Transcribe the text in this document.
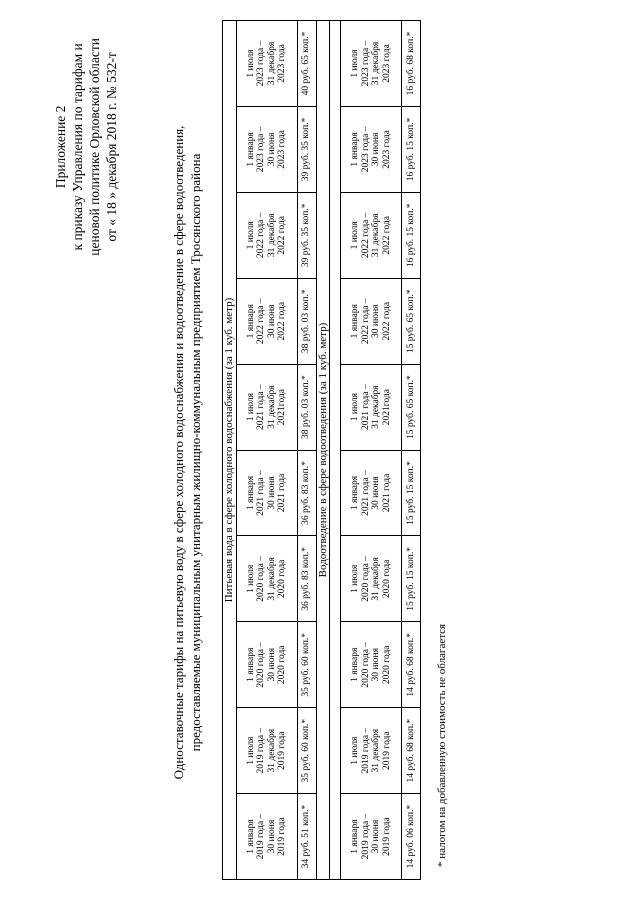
Приложение 2 к приказу Управления по тарифам и ценовой политике Орловской области от « 18 » декабря 2018 г. № 532-т	Одноставочные тарифы на питьевую воду в сфере холодного водоснабжения и водоотведение в сфере водоотведения, предоставляемые муниципальным унитарным жилищно-коммунальным предприятием Тросянского района Питьевая вода в сфере холодного водоснабжения (за 1 куб. метр)									
1 января
2019 года –
30 июня
2019 года	1 июля
2019 года –
31 декабря
2019 года	1 января
2020 года –
30 июня
2020 года	1 июля
2020 года –
31 декабря
2020 года	1 января
2021 года –
30 июня
2021 года	1 июля
2021 года –
31 декабря
2021года	1 января
2022 года –
30 июня
2022 года	1 июля
2022 года –
31 декабря
2022 года	1 января
2023 года –
30 июня
2023 года	1 июля
2023 года –
31 декабря
2023 года
34 руб. 51 коп.*	35 руб. 60 коп.*	35 руб. 60 коп.*	36 руб. 83 коп.*	36 руб. 83 коп.*	38 руб. 03 коп.*	38 руб. 03 коп.*	39 руб. 35 коп.*	39 руб. 35 коп.*	40 руб. 65 коп.*
Водоотведение в сфере водоотведения (за 1 куб. метр)									

1 января
2019 года –
30 июня
2019 года	1 июля
2019 года –
31 декабря
2019 года	1 января
2020 года –
30 июня
2020 года	1 июля
2020 года –
31 декабря
2020 года	1 января
2021 года –
30 июня
2021 года	1 июля
2021 года –
31 декабря
2021года	1 января
2022 года –
30 июня
2022 года	1 июля
2022 года –
31 декабря
2022 года	1 января
2023 года –
30 июня
2023 года	1 июля
2023 года –
31 декабря
2023 года
14 руб. 06 коп.*	14 руб. 68 коп.*	14 руб. 68 коп.*	15 руб. 15 коп.*	15 руб. 15 коп.*	15 руб. 65 коп.*	15 руб. 65 коп.*	16 руб. 15 коп.*	16 руб. 15 коп.*	16 руб. 68 коп.*
* налогом на добавленную стоимость не облагается
